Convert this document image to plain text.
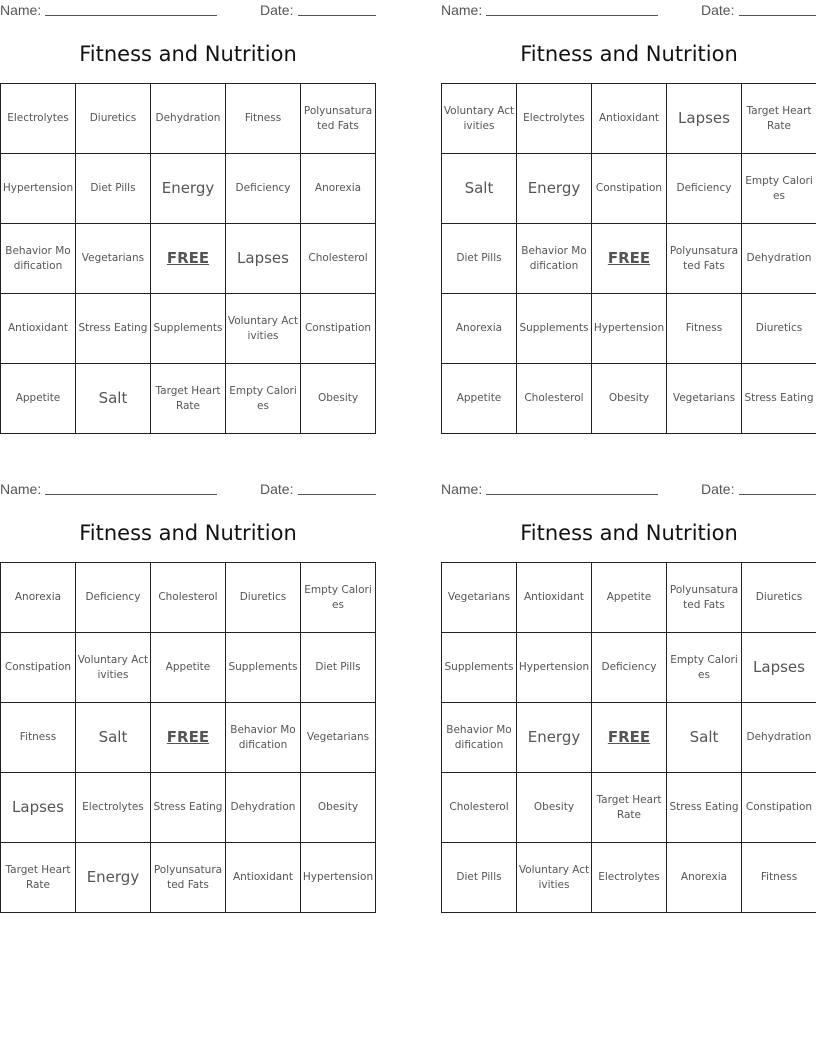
Name:	Date:
Fitness and Nutrition
Electrolytes	Diuretics	Dehydration	Fitness	Polyunsaturated Fats
Hypertension	Diet Pills	Energy	Deficiency	Anorexia
Behavior Modification	Vegetarians	FREE	Lapses	Cholesterol
Antioxidant	Stress Eating	Supplements	Voluntary Activities	Constipation
Appetite	Salt	Target Heart Rate	Empty Calories	Obesity
Name:	Date:
Fitness and Nutrition
Voluntary Activities	Electrolytes	Antioxidant	Lapses	Target Heart Rate
Salt	Energy	Constipation	Deficiency	Empty Calories
Diet Pills	Behavior Modification	FREE	Polyunsaturated Fats	Dehydration
Anorexia	Supplements	Hypertension	Fitness	Diuretics
Appetite	Cholesterol	Obesity	Vegetarians	Stress Eating
Name:	Date:
Fitness and Nutrition
Anorexia	Deficiency	Cholesterol	Diuretics	Empty Calories
Constipation	Voluntary Activities	Appetite	Supplements	Diet Pills
Fitness	Salt	FREE	Behavior Modification	Vegetarians
Lapses	Electrolytes	Stress Eating	Dehydration	Obesity
Target Heart Rate	Energy	Polyunsaturated Fats	Antioxidant	Hypertension
Name:	Date:
Fitness and Nutrition
Vegetarians	Antioxidant	Appetite	Polyunsaturated Fats	Diuretics
Supplements	Hypertension	Deficiency	Empty Calories	Lapses
Behavior Modification	Energy	FREE	Salt	Dehydration
Cholesterol	Obesity	Target Heart Rate	Stress Eating	Constipation
Diet Pills	Voluntary Activities	Electrolytes	Anorexia	Fitness
